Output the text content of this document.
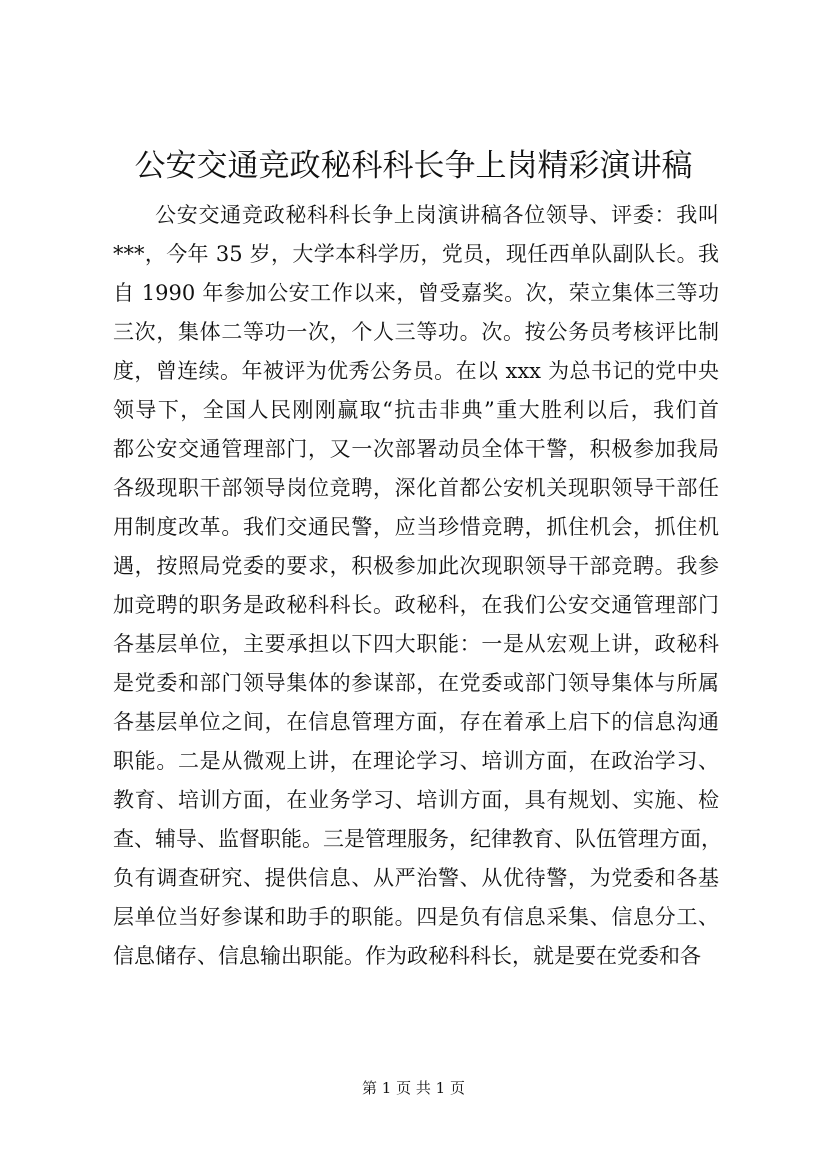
公安交通竞政秘科科长争上岗精彩演讲稿
公安交通竞政秘科科长争上岗演讲稿各位领导、评委：我叫
***，今年 35 岁，大学本科学历，党员，现任西单队副队长。我
自 1990 年参加公安工作以来，曾受嘉奖。次，荣立集体三等功
三次，集体二等功一次，个人三等功。次。按公务员考核评比制
度，曾连续。年被评为优秀公务员。在以 xxx 为总书记的党中央
领导下，全国人民刚刚赢取“抗击非典”重大胜利以后，我们首
都公安交通管理部门，又一次部署动员全体干警，积极参加我局
各级现职干部领导岗位竞聘，深化首都公安机关现职领导干部任
用制度改革。我们交通民警，应当珍惜竞聘，抓住机会，抓住机
遇，按照局党委的要求，积极参加此次现职领导干部竞聘。我参
加竞聘的职务是政秘科科长。政秘科，在我们公安交通管理部门
各基层单位，主要承担以下四大职能：一是从宏观上讲，政秘科
是党委和部门领导集体的参谋部，在党委或部门领导集体与所属
各基层单位之间，在信息管理方面，存在着承上启下的信息沟通
职能。二是从微观上讲，在理论学习、培训方面，在政治学习、
教育、培训方面，在业务学习、培训方面，具有规划、实施、检
查、辅导、监督职能。三是管理服务，纪律教育、队伍管理方面，
负有调查研究、提供信息、从严治警、从优待警，为党委和各基
层单位当好参谋和助手的职能。四是负有信息采集、信息分工、
信息储存、信息输出职能。作为政秘科科长，就是要在党委和各
第 1 页 共 1 页
